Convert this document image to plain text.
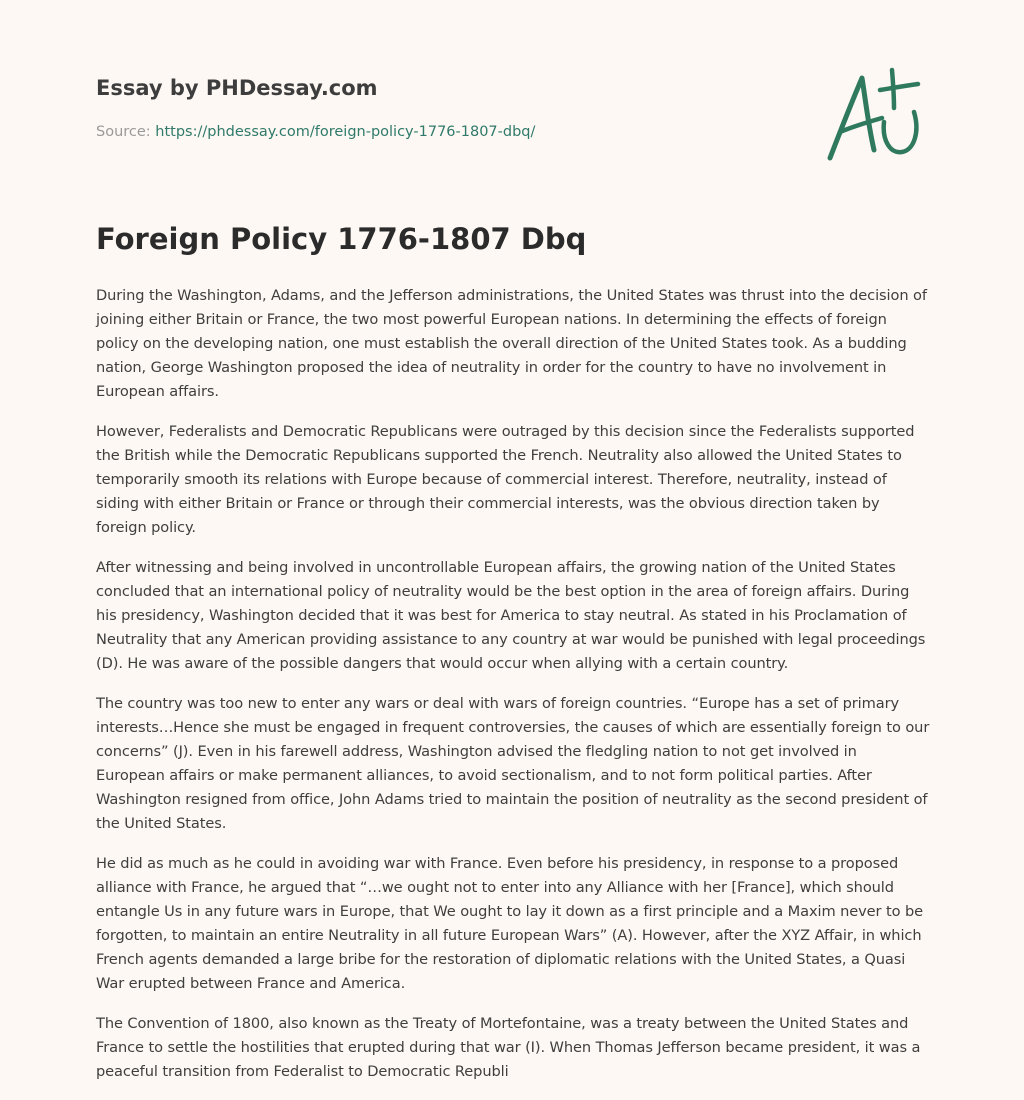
Essay by PHDessay.com
Source: https://phdessay.com/foreign-policy-1776-1807-dbq/
Foreign Policy 1776-1807 Dbq

During the Washington, Adams, and the Jefferson administrations, the United States was thrust into the decision of joining either Britain or France, the two most powerful European nations. In determining the effects of foreign policy on the developing nation, one must establish the overall direction of the United States took. As a budding nation, George Washington proposed the idea of neutrality in order for the country to have no involvement in European affairs.

However, Federalists and Democratic Republicans were outraged by this decision since the Federalists supported the British while the Democratic Republicans supported the French. Neutrality also allowed the United States to temporarily smooth its relations with Europe because of commercial interest. Therefore, neutrality, instead of siding with either Britain or France or through their commercial interests, was the obvious direction taken by foreign policy.

After witnessing and being involved in uncontrollable European affairs, the growing nation of the United States concluded that an international policy of neutrality would be the best option in the area of foreign affairs. During his presidency, Washington decided that it was best for America to stay neutral. As stated in his Proclamation of Neutrality that any American providing assistance to any country at war would be punished with legal proceedings (D). He was aware of the possible dangers that would occur when allying with a certain country.

The country was too new to enter any wars or deal with wars of foreign countries. “Europe has a set of primary interests…Hence she must be engaged in frequent controversies, the causes of which are essentially foreign to our concerns” (J). Even in his farewell address, Washington advised the fledgling nation to not get involved in European affairs or make permanent alliances, to avoid sectionalism, and to not form political parties. After Washington resigned from office, John Adams tried to maintain the position of neutrality as the second president of the United States.

He did as much as he could in avoiding war with France. Even before his presidency, in response to a proposed alliance with France, he argued that “…we ought not to enter into any Alliance with her [France], which should entangle Us in any future wars in Europe, that We ought to lay it down as a first principle and a Maxim never to be forgotten, to maintain an entire Neutrality in all future European Wars” (A). However, after the XYZ Affair, in which French agents demanded a large bribe for the restoration of diplomatic relations with the United States, a Quasi War erupted between France and America.

The Convention of 1800, also known as the Treaty of Mortefontaine, was a treaty between the United States and France to settle the hostilities that erupted during that war (I). When Thomas Jefferson became president, it was a peaceful transition from Federalist to Democratic Republi
